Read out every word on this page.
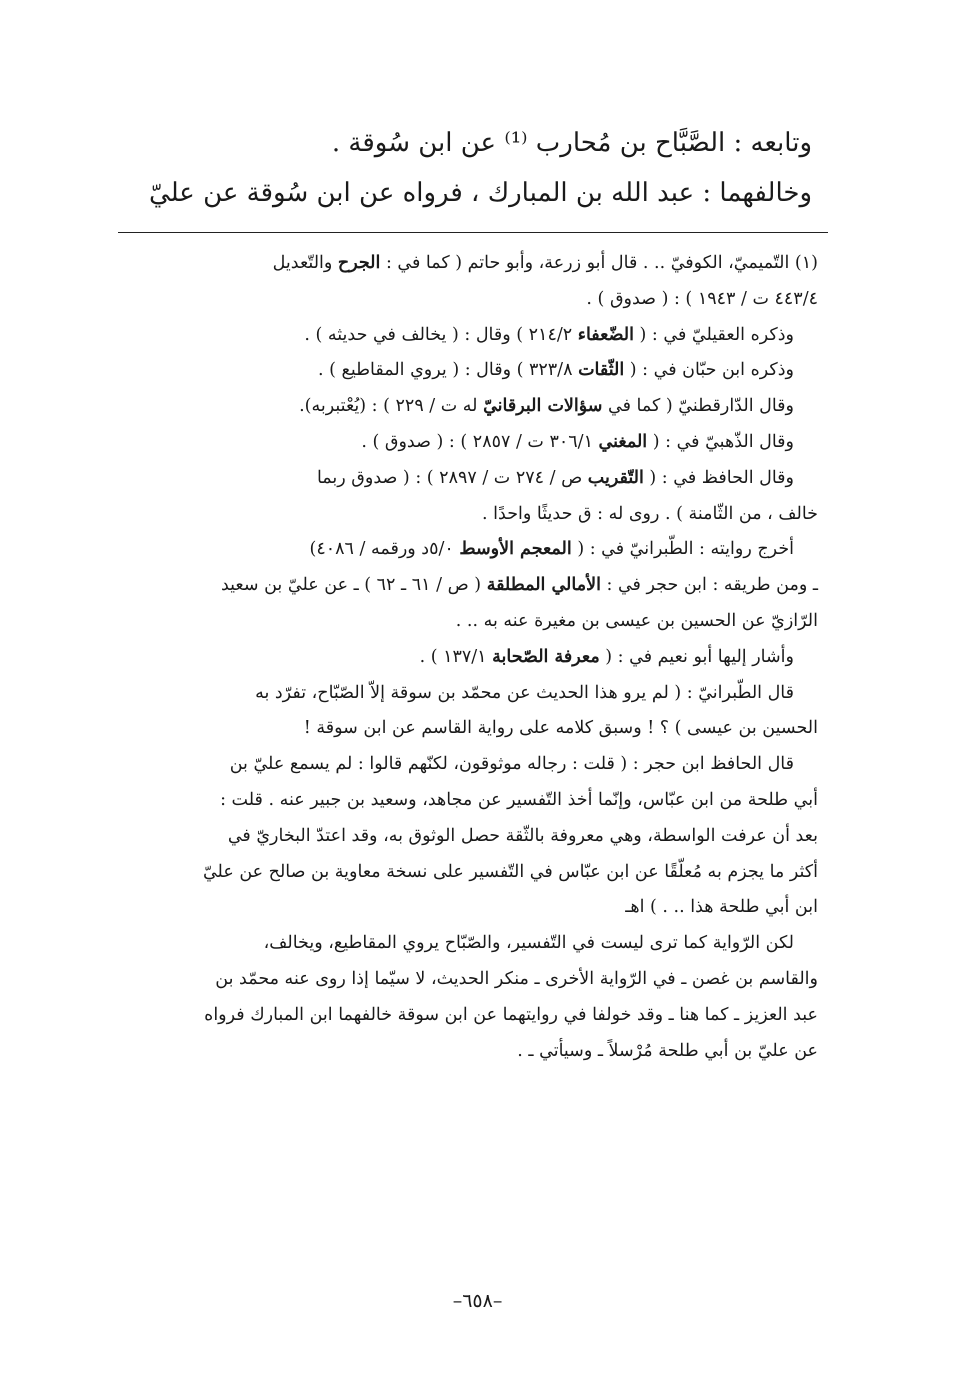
وتابعه : الصَّبَّاح بن مُحارب ⁽¹⁾ عن ابن سُوقة .

وخالفهما : عبد الله بن المبارك ، فرواه عن ابن سُوقة عن عليّ

(١) التّميميّ، الكوفيّ .. . قال أبو زرعة، وأبو حاتم ( كما في : الجرح والتّعديل

٤٤٣/٤ ت / ١٩٤٣ ) : ( صدوق ) .

وذكره العقيليّ في : ( الضّعفاء ٢١٤/٢ ) وقال : ( يخالف في حديثه ) .

وذكره ابن حبّان في : ( الثّقات ٣٢٣/٨ ) وقال : ( يروي المقاطيع ) .

وقال الدّارقطنيّ ( كما في سؤالات البرقانيّ له ت / ٢٢٩ ) : (يُعْتبربه).

وقال الذّهبيّ في : ( المغني ٣٠٦/١ ت / ٢٨٥٧ ) : ( صدوق ) .

وقال الحافظ في : ( التّقريب ص / ٢٧٤ ت / ٢٨٩٧ ) : ( صدوق ربما

خالف ، من الثّامنة ) . روى له : ق حديثًا واحدًا .

أخرج روايته : الطّبرانيّ في : ( المعجم الأوسط ٥/٠د ورقمه / ٤٠٨٦)

ـ ومن طريقه : ابن حجر في : الأمالي المطلقة ( ص / ٦١ ـ ٦٢ ) ـ عن عليّ بن سعيد

الرّازيّ عن الحسين بن عيسى بن مغيرة عنه به .. .

وأشار إليها أبو نعيم في : ( معرفة الصّحابة ١٣٧/١ ) .

قال الطّبرانيّ : ( لم يرو هذا الحديث عن محمّد بن سوقة إلاّ الصّبّاح، تفرّد به

الحسين بن عيسى ) ؟ ! وسبق كلامه على رواية القاسم عن ابن سوقة !

قال الحافظ ابن حجر : ( قلت : رجاله موثوقون، لكنّهم قالوا : لم يسمع عليّ بن

أبي طلحة من ابن عبّاس، وإنّما أخذ التّفسير عن مجاهد، وسعيد بن جبير عنه . قلت :

بعد أن عرفت الواسطة، وهي معروفة بالثّقة حصل الوثوق به، وقد اعتدّ البخاريّ في

أكثر ما يجزم به مُعلّقًا عن ابن عبّاس في التّفسير على نسخة معاوية بن صالح عن عليّ

ابن أبي طلحة هذا .. . ) اهـ

لكن الرّواية كما ترى ليست في التّفسير، والصّبّاح يروي المقاطيع، ويخالف،

والقاسم بن غصن ـ في الرّواية الأخرى ـ منكر الحديث، لا سيّما إذا روى عنه محمّد بن

عبد العزيز ـ كما هنا ـ وقد خولفا في روايتهما عن ابن سوقة خالفهما ابن المبارك فرواه

عن عليّ بن أبي طلحة مُرْسلاً ـ وسيأتي ـ .

–٦٥٨–
